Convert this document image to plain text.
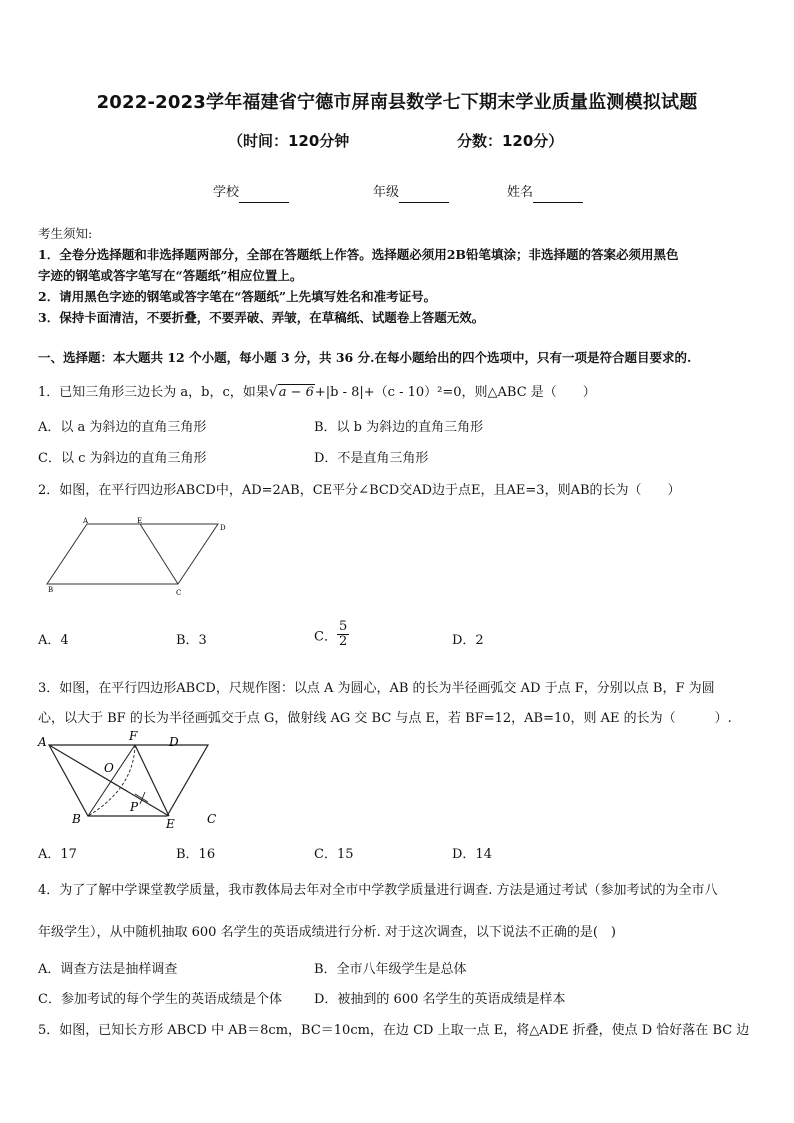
2022-2023学年福建省宁德市屏南县数学七下期末学业质量监测模拟试题
（时间：120分钟	分数：120分）
学校	年级	姓名
考生须知:
1．全卷分选择题和非选择题两部分，全部在答题纸上作答。选择题必须用2B铅笔填涂；非选择题的答案必须用黑色
字迹的钢笔或答字笔写在“答题纸”相应位置上。
2．请用黑色字迹的钢笔或答字笔在“答题纸”上先填写姓名和准考证号。
3．保持卡面清洁，不要折叠，不要弄破、弄皱，在草稿纸、试题卷上答题无效。
一、选择题：本大题共 12 个小题，每小题 3 分，共 36 分.在每小题给出的四个选项中，只有一项是符合题目要求的.
1．已知三角形三边长为 a，b，c，如果√a − 6+|b - 8|+（c - 10）²=0，则△ABC 是（　　）
A．以 a 为斜边的直角三角形	B．以 b 为斜边的直角三角形
C．以 c 为斜边的直角三角形	D．不是直角三角形
2．如图，在平行四边形ABCD中，AD=2AB，CE平分∠BCD交AD边于点E，且AE=3，则AB的长为（　　）
A	E
D
B	C
A．4	B．3	C． $\frac{5}{2}$	D．2
3．如图，在平行四边形ABCD，尺规作图：以点 A 为圆心，AB 的长为半径画弧交 AD 于点 F，分别以点 B，F 为圆
心，以大于 BF 的长为半径画弧交于点 G，做射线 AG 交 BC 与点 E，若 BF=12，AB=10，则 AE 的长为（　　　）.
A	F	D
O
P
B	E	C
A．17	B．16	C．15	D．14
4．为了了解中学课堂教学质量，我市教体局去年对全市中学教学质量进行调查. 方法是通过考试（参加考试的为全市八
年级学生），从中随机抽取 600 名学生的英语成绩进行分析. 对于这次调查，以下说法不正确的是(　)
A．调查方法是抽样调查	B．全市八年级学生是总体
C．参加考试的每个学生的英语成绩是个体 D．被抽到的 600 名学生的英语成绩是样本
5．如图，已知长方形 ABCD 中 AB＝8cm，BC＝10cm，在边 CD 上取一点 E，将△ADE 折叠，使点 D 恰好落在 BC 边
